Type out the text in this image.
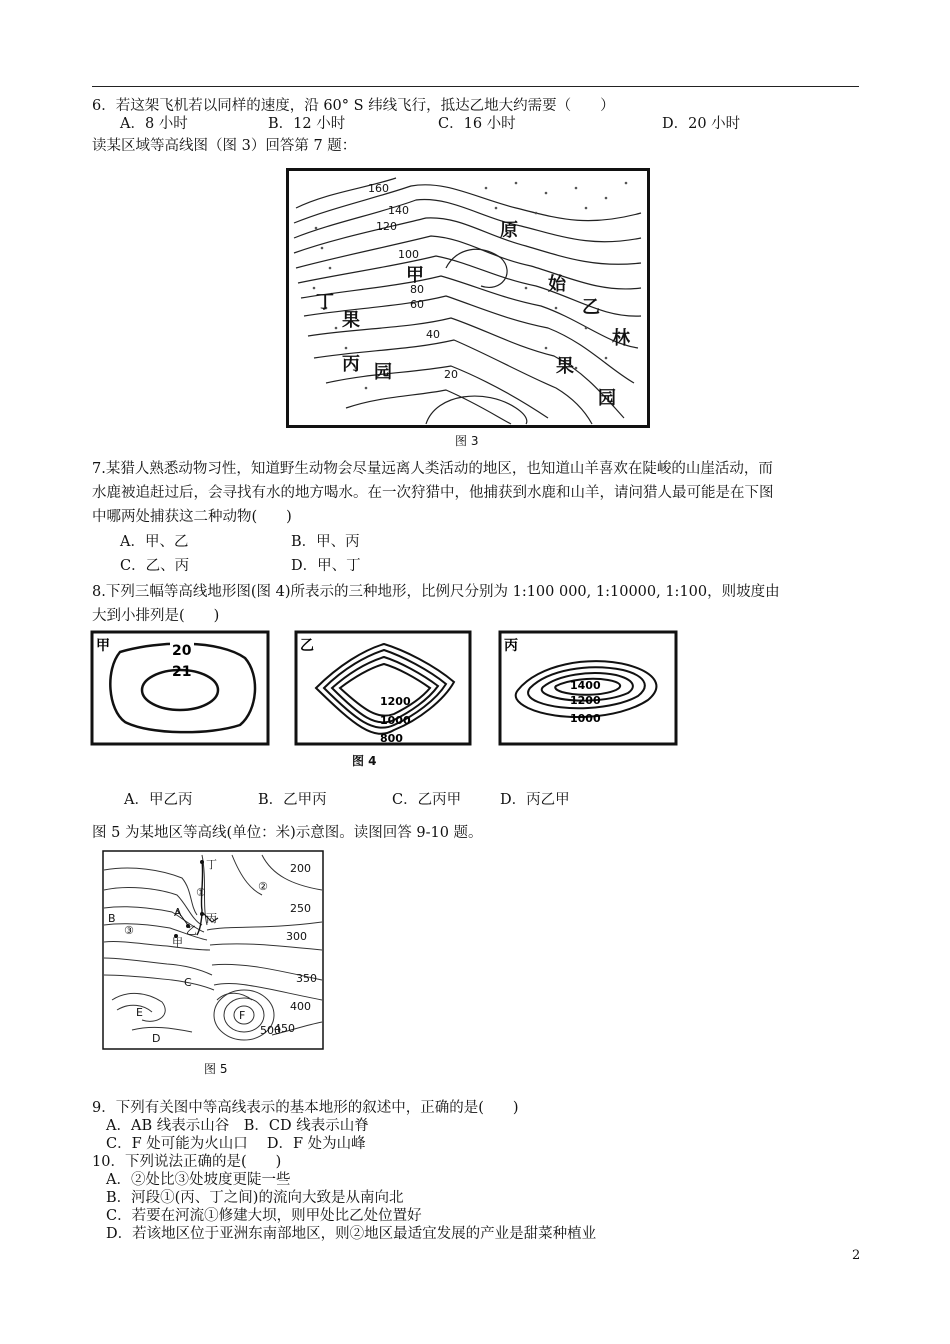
6．若这架飞机若以同样的速度，沿 60° S 纬线飞行，抵达乙地大约需要（　　）
A．8 小时	B．12 小时	C．16 小时	D．20 小时
读某区域等高线图（图 3）回答第 7 题：
160
140
120
100
80
60
40
20
原
甲	始
乙
丁
果
林
丙 园	果
园
图 3
7.某猎人熟悉动物习性，知道野生动物会尽量远离人类活动的地区，也知道山羊喜欢在陡峻的山崖活动，而
水鹿被追赶过后，会寻找有水的地方喝水。在一次狩猎中，他捕获到水鹿和山羊，请问猎人最可能是在下图
中哪两处捕获这二种动物(　　)
A．甲、乙	B．甲、丙
C．乙、丙	D．甲、丁
8.下列三幅等高线地形图(图 4)所表示的三种地形，比例尺分别为 1:100 000, 1:10000, 1:100，则坡度由
大到小排列是(　　)
甲	20
21
乙
1200
1000
800
丙
1400
1200
1000
图 4
A．甲乙丙	B．乙甲丙	C．乙丙甲	D．丙乙甲
图 5 为某地区等高线(单位：米)示意图。读图回答 9-10 题。
200
250
300
350
400
450
500
丁
①	②
B	A 丙
③	乙
甲
C
E	F
D
图 5
9．下列有关图中等高线表示的基本地形的叙述中，正确的是(　　)
A．AB 线表示山谷　B．CD 线表示山脊
C．F 处可能为火山口　 D．F 处为山峰
10．下列说法正确的是(　　)
A．②处比③处坡度更陡一些
B．河段①(丙、丁之间)的流向大致是从南向北
C．若要在河流①修建大坝，则甲处比乙处位置好
D．若该地区位于亚洲东南部地区，则②地区最适宜发展的产业是甜菜种植业
2
